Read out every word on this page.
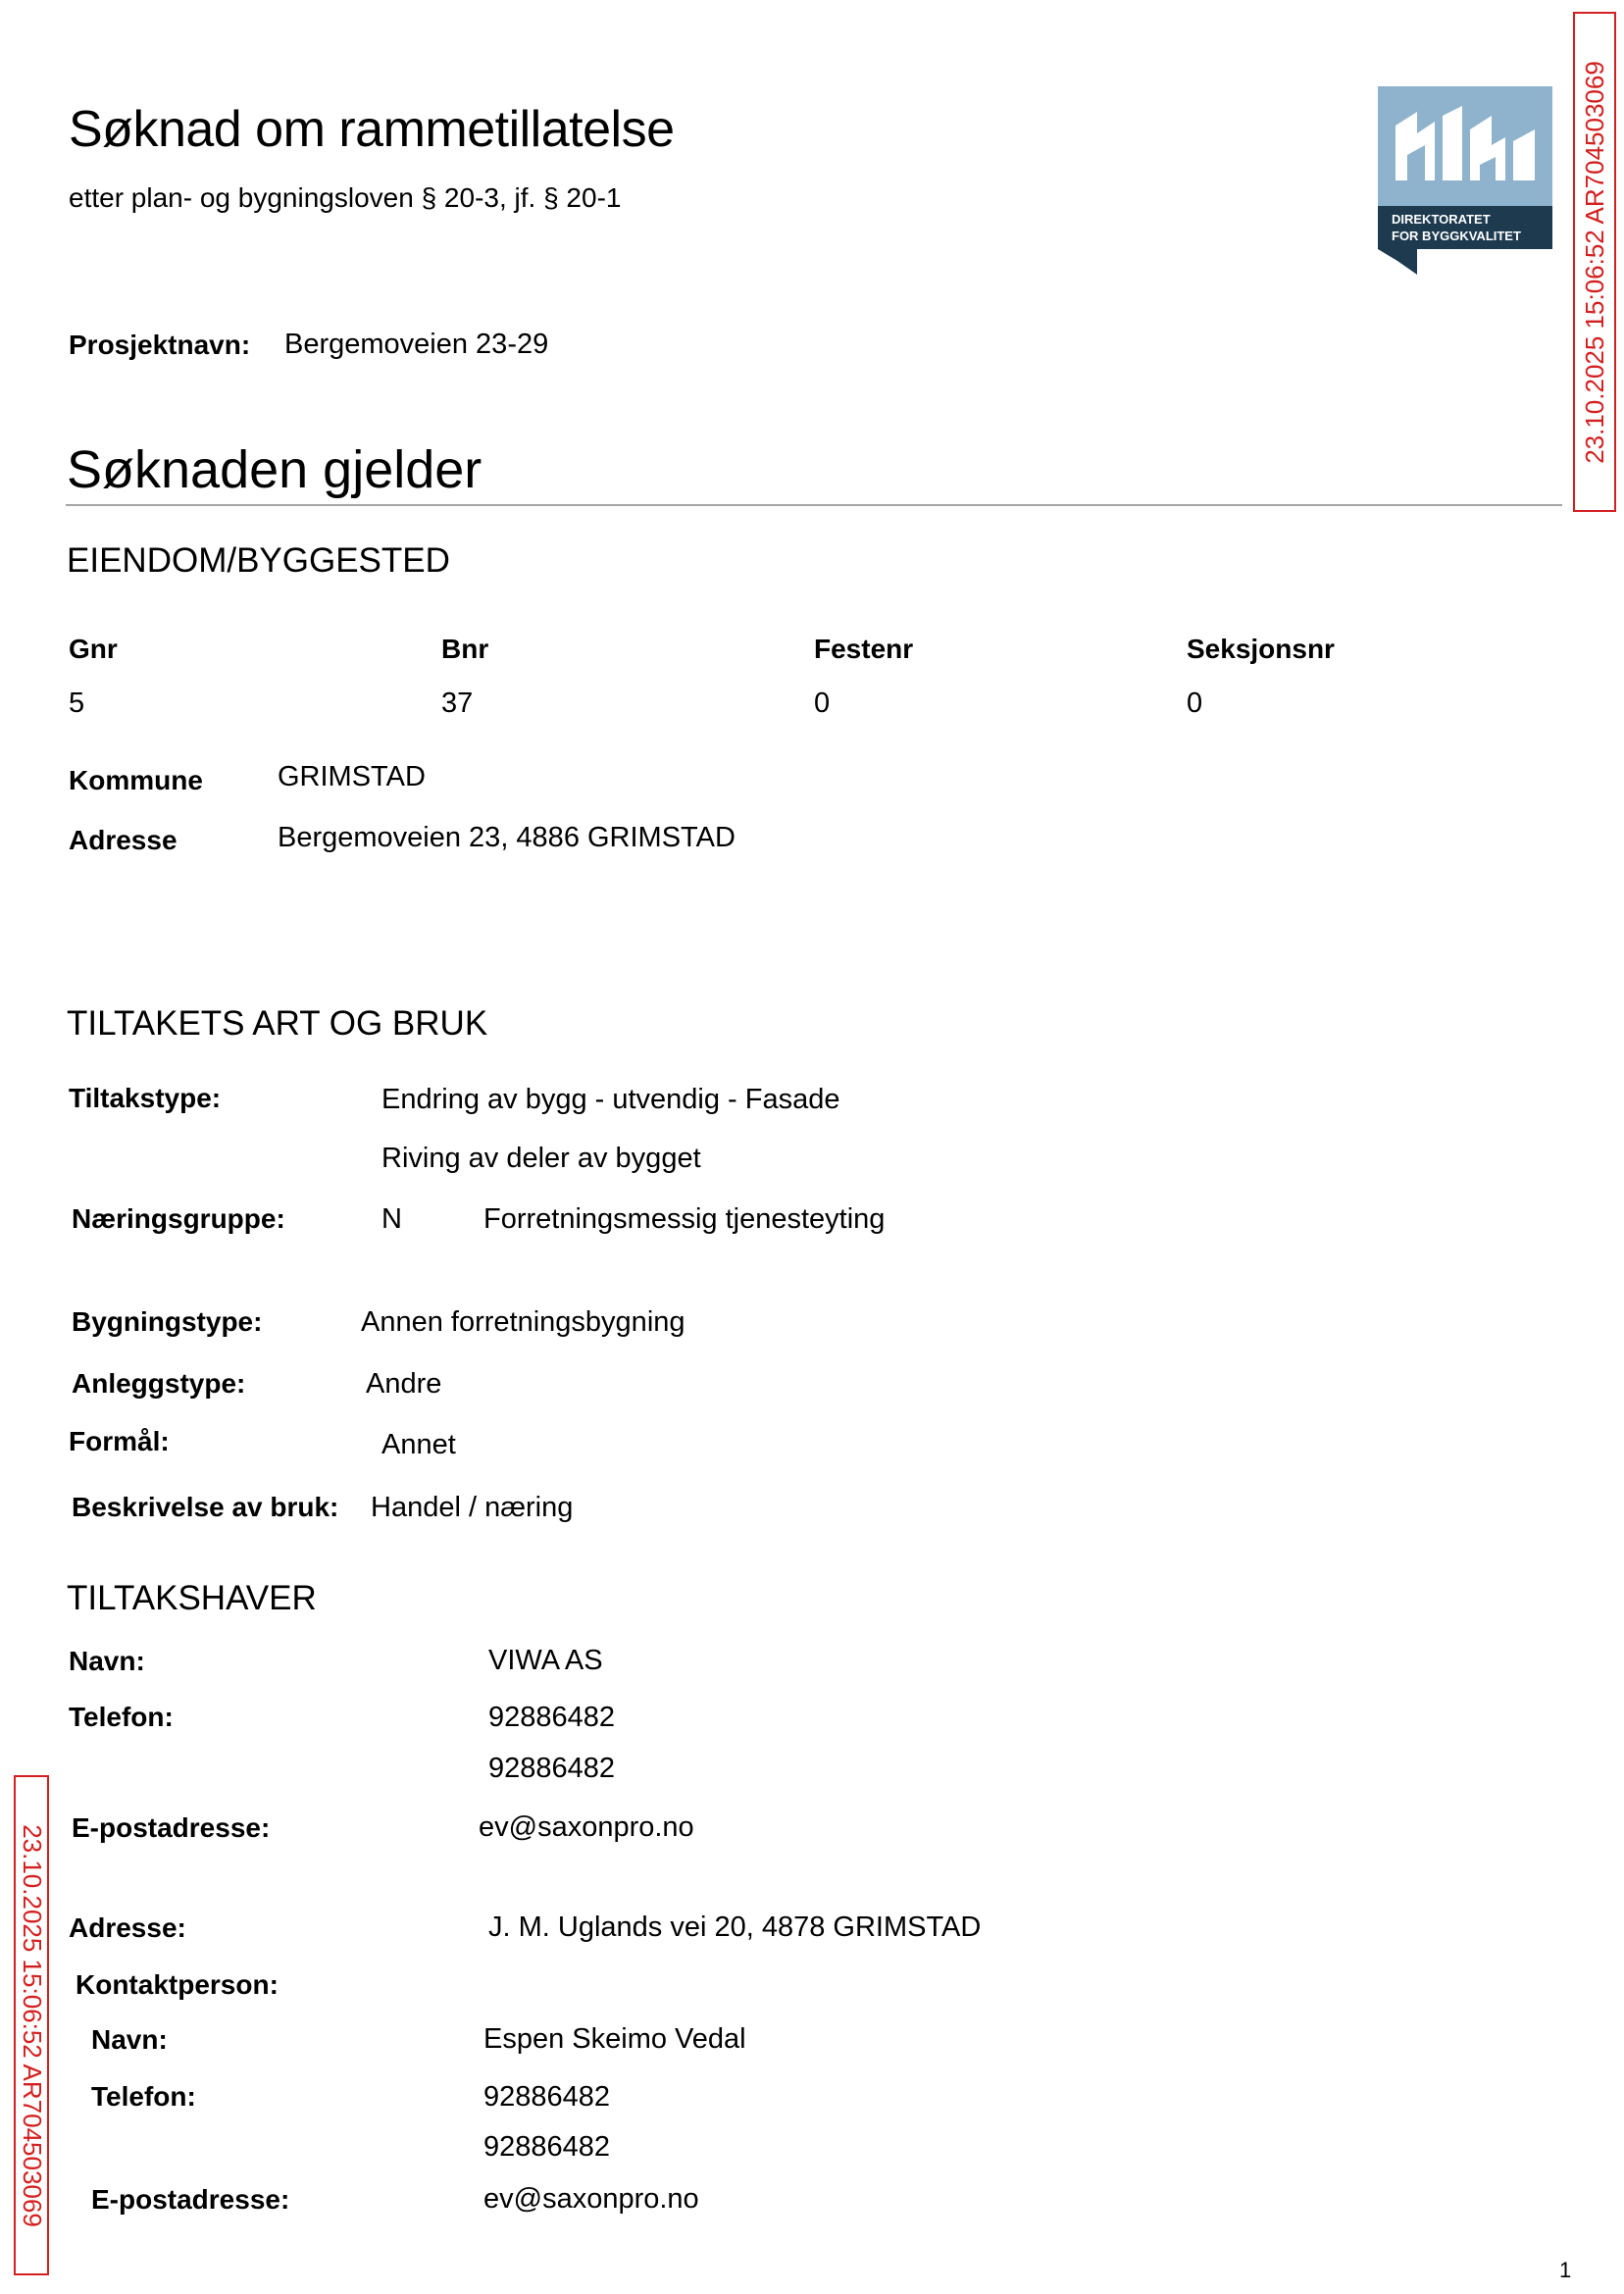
Søknad om rammetillatelse
etter plan- og bygningsloven § 20-3, jf. § 20-1
Prosjektnavn: Bergemoveien 23-29
DIREKTORATET
FOR BYGGKVALITET 23.10.2025 15:06:52 AR704503069
23.10.2025 15:06:52 AR704503069
Søknaden gjelder
EIENDOM/BYGGESTED
Gnr	Bnr	Festenr	Seksjonsnr
5	37	0	0
Kommune	GRIMSTAD
Adresse	Bergemoveien 23, 4886 GRIMSTAD
TILTAKETS ART OG BRUK
Tiltakstype:	Endring av bygg - utvendig - Fasade
Riving av deler av bygget
Næringsgruppe:	N	Forretningsmessig tjenesteyting
Bygningstype:	Annen forretningsbygning
Anleggstype:	Andre
Formål:	Annet
Beskrivelse av bruk: Handel / næring
TILTAKSHAVER
Navn:	VIWA AS
Telefon:	92886482
92886482
E-postadresse:	ev@saxonpro.no
Adresse:	J. M. Uglands vei 20, 4878 GRIMSTAD
Kontaktperson:
Navn:	Espen Skeimo Vedal
Telefon:	92886482
92886482
E-postadresse:	ev@saxonpro.no
1
